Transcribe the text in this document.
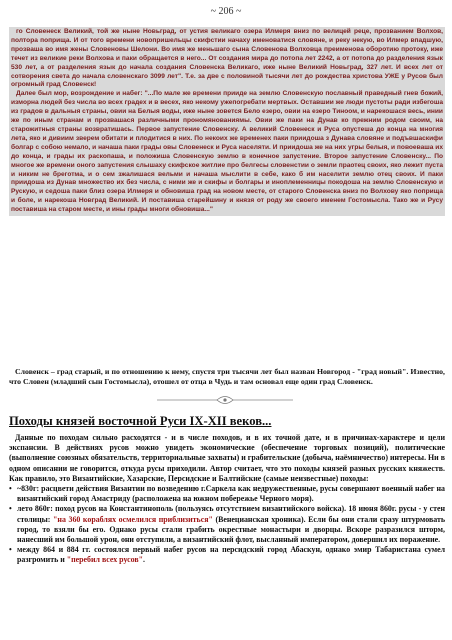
~ 206 ~

го Словенеск Великий, той же ныне Новьград, от устия великаго озера Илмеря вниз по велицей реце, прозванием Волхов, полтора поприща. И от того времени новопришельцы скифстии начаху именоватися словяне, и реку некую, во Илмер впадшую, прозваша во имя жены Словеновы Шелони. Во имя же меньшаго сына Словенова Волховца преименова оборотию протоку, иже течет из великие реки Волхова и паки обращается в него... От создания мира до потопа лет 2242, а от потопа до разделения язык 530 лет, а от разделения язык до начала создания Словенска Великаго, иже ныне Великий Новьград, 327 лет. И всех лет от сотворения света до начала словенскаго 3099 лет". Т.е. за две с половиной тысячи лет до рождества христова УЖЕ у Русов был огромный град Словенск!

Далее был мор, возрождение и набег: "...По мале же времени прииде на землю Словенскую пославный праведный гнев божий, изморна людей без числа во всех градех и в весех, яко некому ужепогребати мертвых. Оставшии же люди пустоты ради избегоша из градов в дальныя страны, овии на Белыя воды, иже ныне зовется Бело езеро, овии на езеро Тиноом, и нарекошася весь, инии же по иным странам и прозвашася различными прономянованиямы. Овии же паки на Дунав ко прежним родом своим, на старожитныя страны возвратишась. Первое запустение Словенску. А великий Словенеск и Руса опустеша до конца на многия лета, яко и дивиим зверем обитати и плодитися в них. По некоих же временех паки приидоша з Дунава словяне и подъвшаскифи болгар с собою немало, и начаша паки грады овы Словенеск и Руса населяти. И приидоша же на них угры белыя, и повоеваша их до конца, и грады их раскопаша, и положиша Словенскую землю в конечное запустение. Второе запустение Словенску... По многое же времени оного запустения слышаху скифское житлие про белгесы словенстии о земли праотец своих, яко лежит пуста и никим не бреготма, и о сем зжалишася вельми и начаша мыслити в себе, како б им населити землю отец своих. И паки приидоша из Дунав множество их без числа, с ними же и скифы и болгары и иноплеменницы покодоша на землю Словенскую и Рускую, и седоша паки близ озера Илмеря и обновиша град на новом месте, от старого Словенска вниз по Волхову яко поприща и боле, и нарекоша Новград Великий. И поставиша старейшину и князя от роду же своего именем Гостомысла. Тако же и Русу поставиша на старом месте, и ины грады многи обновиша..."

Словенск – град старый, и по отношению к нему, спустя три тысячи лет был назван Новгород - "град новый". Известно, что Словен (младший сын Гостомысла), отошел от отца в Чудь и там основал еще один град Словенск.

Походы князей восточной Руси IX-XII веков...

Данные по походам сильно расходятся - и в числе походов, и в их точной дате, и в причинах-характере и цели экспансии. В действиях русов можно увидеть экономические (обеспечение торговых позиций), политические (выполнение союзных обязательств, территориальные захваты) и грабительские (добыча, наёмничество) интересы. Ни в одном описании не говорится, откуда русы приходили. Автор считает, что это походы князей разных русских княжеств. Как правило, это Византийские, Хазарские, Персидские и Балтийские (самые неизвестные) походы:

• ~830г: расцвети действия Византии по возведению г.Саркела как недружественные, русы совершают военный набег на византийский город Амастриду (расположена на южном побережье Черного моря).
• лето 860г: поход русов на Константинополь (пользуясь отсутствием византийского войска). 18 июня 860г. русы - у стен столицы: "на 360 кораблях осмелился приблизиться" (Венецианская хроника). Если бы они стали сразу штурмовать город, то взяли бы его. Однако русы стали грабить окрестные монастыри и дворцы. Вскоре разразился шторм, нанесший им большой урон, они отступили, а византийский флот, высланный императором, довершил их поражение.
• между 864 и 884 гг. состоялся первый набег русов на персидский город Абаскун, однако эмир Табаристана сумел разгромить и "перебил всех русов".
